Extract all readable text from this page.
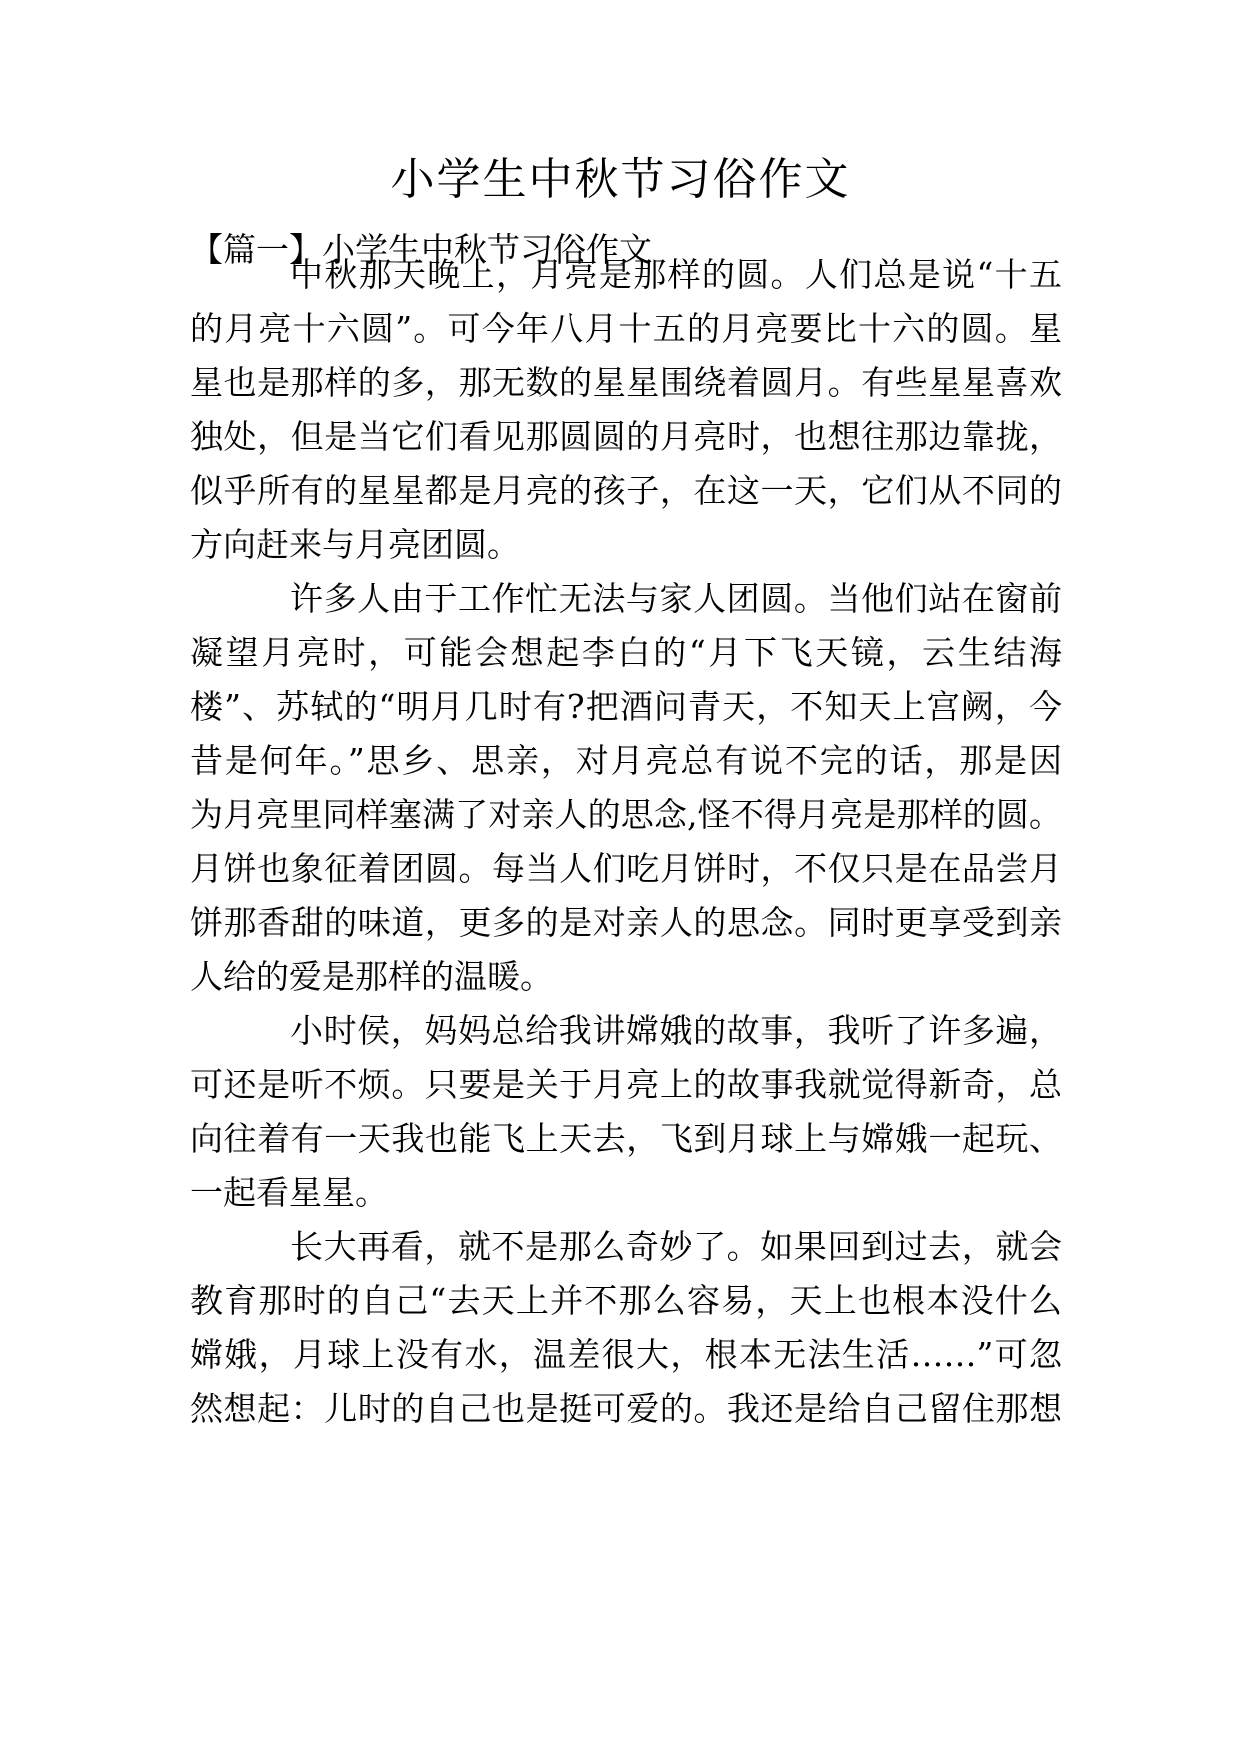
小学生中秋节习俗作文
【篇一】小学生中秋节习俗作文
中秋那天晚上，月亮是那样的圆。人们总是说“十五
的月亮十六圆”。可今年八月十五的月亮要比十六的圆。星
星也是那样的多，那无数的星星围绕着圆月。有些星星喜欢
独处，但是当它们看见那圆圆的月亮时，也想往那边靠拢，
似乎所有的星星都是月亮的孩子，在这一天，它们从不同的
方向赶来与月亮团圆。
许多人由于工作忙无法与家人团圆。当他们站在窗前
凝望月亮时，可能会想起李白的“月下飞天镜，云生结海
楼”、苏轼的“明月几时有?把酒问青天，不知天上宫阙，今
昔是何年。”思乡、思亲，对月亮总有说不完的话，那是因
为月亮里同样塞满了对亲人的思念,怪不得月亮是那样的圆。
月饼也象征着团圆。每当人们吃月饼时，不仅只是在品尝月
饼那香甜的味道，更多的是对亲人的思念。同时更享受到亲
人给的爱是那样的温暖。
小时侯，妈妈总给我讲嫦娥的故事，我听了许多遍，
可还是听不烦。只要是关于月亮上的故事我就觉得新奇，总
向往着有一天我也能飞上天去，飞到月球上与嫦娥一起玩、
一起看星星。
长大再看，就不是那么奇妙了。如果回到过去，就会
教育那时的自己“去天上并不那么容易，天上也根本没什么
嫦娥，月球上没有水，温差很大，根本无法生活……”可忽
然想起：儿时的自己也是挺可爱的。我还是给自己留住那想
